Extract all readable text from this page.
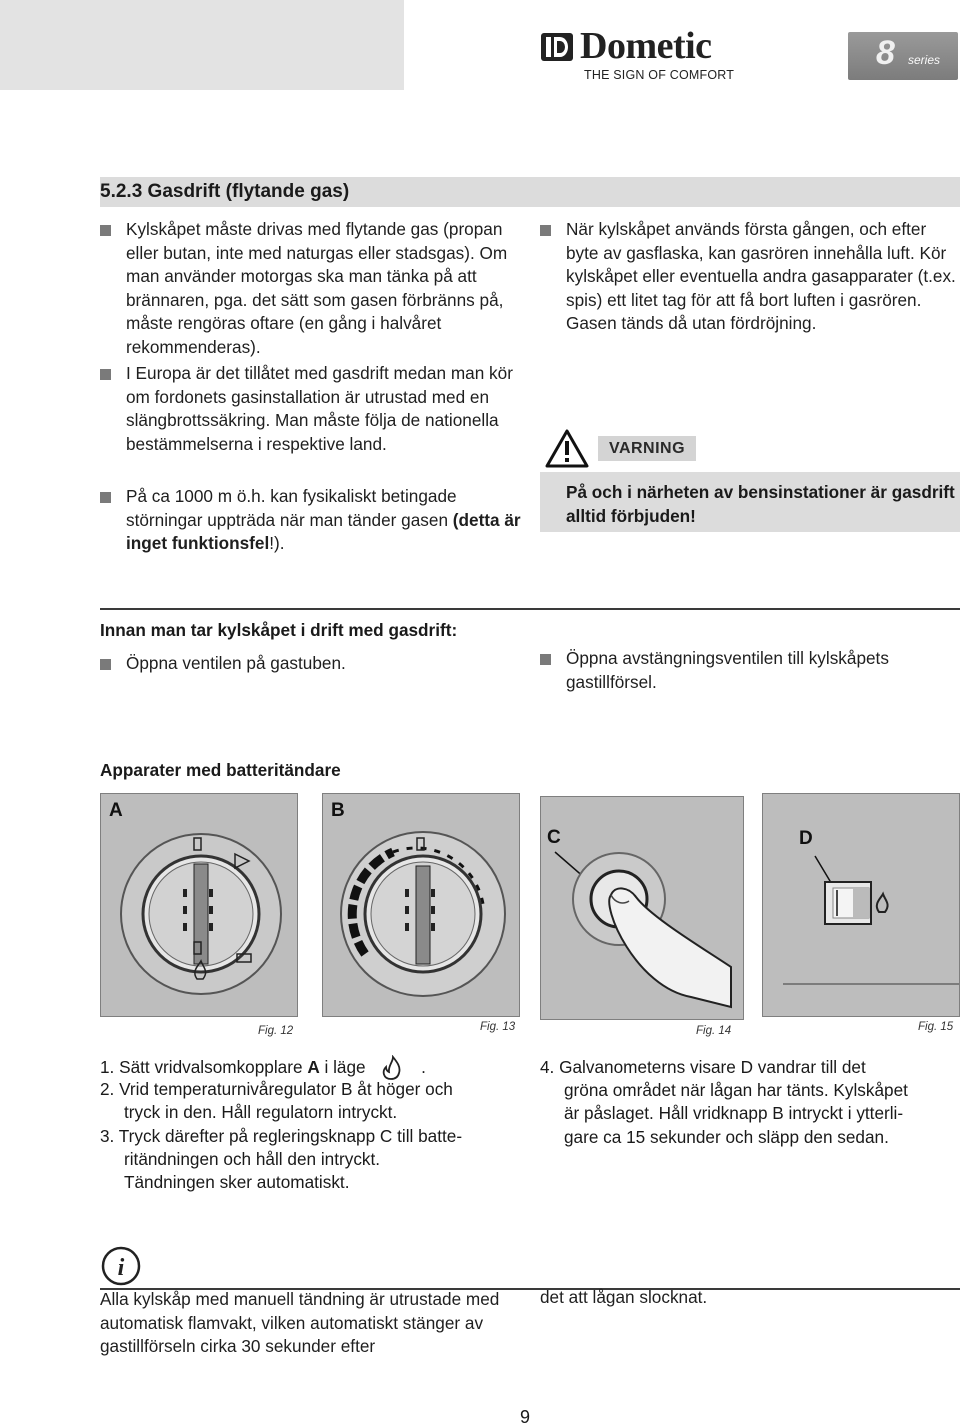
Dometic
THE SIGN OF COMFORT
8 series
5.2.3 Gasdrift (flytande gas)
Kylskåpet måste drivas med flytande gas (propan eller butan, inte med naturgas eller stadsgas). Om man använder motorgas ska man tänka på att brännaren, pga. det sätt som gasen förbränns på, måste rengöras oftare (en gång i halvåret rekommenderas).
I Europa är det tillåtet med gasdrift medan man kör om fordonets gasinstallation är utrustad med en slängbrottssäkring. Man måste följa de nationella bestämmelserna i respektive land.
På ca 1000 m ö.h. kan fysikaliskt betingade störningar uppträda när man tänder gasen (detta är inget funktionsfel!).
När kylskåpet används första gången, och efter byte av gasflaska, kan gasrören innehålla luft. Kör kylskåpet eller eventuella andra gasapparater (t.ex. spis) ett litet tag för att få bort luften i gasrören. Gasen tänds då utan fördröjning.
VARNING
På och i närheten av bensinstationer är gasdrift alltid förbjuden!
Innan man tar kylskåpet i drift med gasdrift:
Öppna ventilen på gastuben.	Öppna avstängningsventilen till kylskåpets gastillförsel.
Apparater med batteritändare
A
Fig. 12
B
Fig. 13
C
Fig. 14
D
Fig. 15
1. Sätt vridvalsomkopplare A i läge	.
2. Vrid temperaturnivåregulator B åt höger och
tryck in den. Håll regulatorn intryckt.
3. Tryck därefter på regleringsknapp C till batte-
ritändningen och håll den intryckt.
Tändningen sker automatiskt.
4. Galvanometerns visare D vandrar till det
gröna området när lågan har tänts. Kylskåpet
är påslaget. Håll vridknapp B intryckt i ytterli-
gare ca 15 sekunder och släpp den sedan.
i
Alla kylskåp med manuell tändning är utrustade med automatisk flamvakt, vilken automatiskt stänger av gastillförseln cirka 30 sekunder efter
det att lågan slocknat.
9
